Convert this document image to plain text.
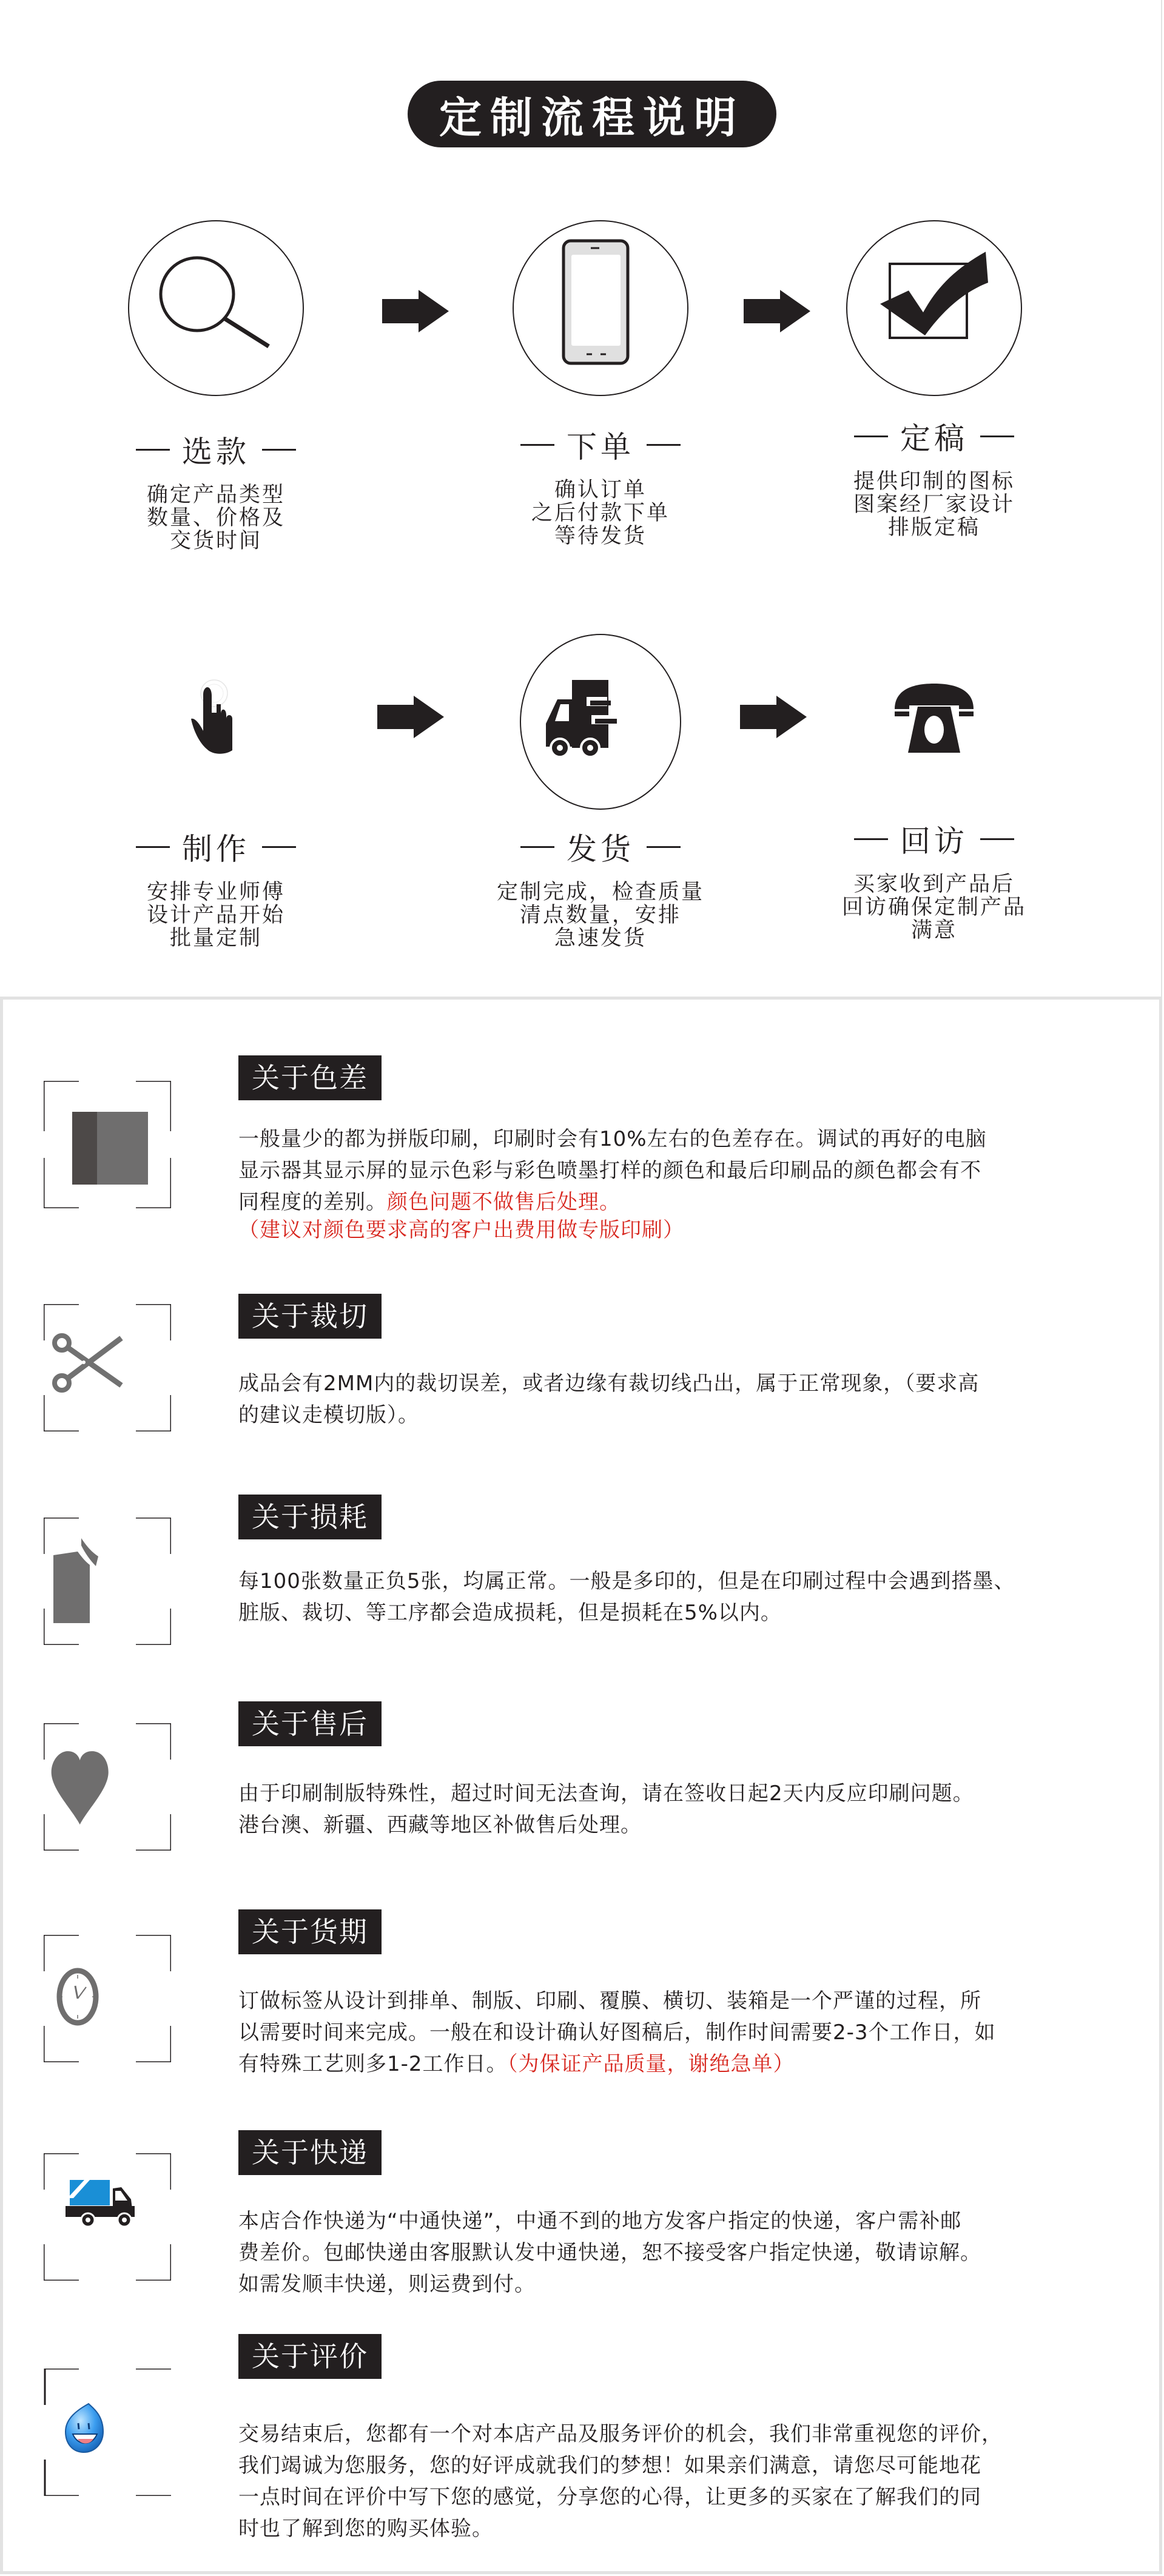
定制流程说明
选款
确定产品类型
数量、价格及
交货时间
下单
确认订单
之后付款下单
等待发货
定稿
提供印制的图标
图案经厂家设计
排版定稿
制作
安排专业师傅
设计产品开始
批量定制
发货
定制完成，检查质量
清点数量，安排
急速发货
回访
买家收到产品后
回访确保定制产品
满意
关于色差
一般量少的都为拼版印刷，印刷时会有10%左右的色差存在。调试的再好的电脑
显示器其显示屏的显示色彩与彩色喷墨打样的颜色和最后印刷品的颜色都会有不
同程度的差别。颜色问题不做售后处理。
（建议对颜色要求高的客户出费用做专版印刷）
关于裁切
成品会有2MM内的裁切误差，或者边缘有裁切线凸出，属于正常现象，（要求高
的建议走模切版）。
关于损耗
每100张数量正负5张，均属正常。一般是多印的，但是在印刷过程中会遇到搭墨、
脏版、裁切、等工序都会造成损耗，但是损耗在5%以内。
关于售后
由于印刷制版特殊性，超过时间无法查询，请在签收日起2天内反应印刷问题。
港台澳、新疆、西藏等地区补做售后处理。
关于货期
订做标签从设计到排单、制版、印刷、覆膜、横切、装箱是一个严谨的过程，所
以需要时间来完成。一般在和设计确认好图稿后，制作时间需要2-3个工作日，如
有特殊工艺则多1-2工作日。（为保证产品质量，谢绝急单）
关于快递
本店合作快递为“中通快递”，中通不到的地方发客户指定的快递，客户需补邮
费差价。包邮快递由客服默认发中通快递，恕不接受客户指定快递，敬请谅解。
如需发顺丰快递，则运费到付。
关于评价
交易结束后，您都有一个对本店产品及服务评价的机会，我们非常重视您的评价，
我们竭诚为您服务，您的好评成就我们的梦想！如果亲们满意，请您尽可能地花
一点时间在评价中写下您的感觉，分享您的心得，让更多的买家在了解我们的同
时也了解到您的购买体验。
